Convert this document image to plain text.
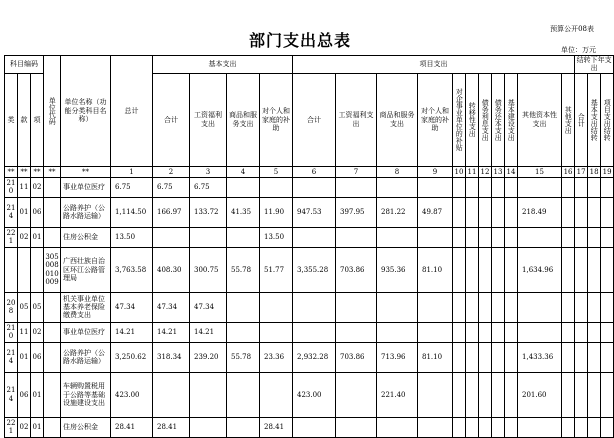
部门支出总表
预算公开08表
单位：万元
科目编码			单位代码	单位名称（功能分类科目名称）	总计	基本支出				项目支出											结转下年支出		
类	款	项				合计	工资福利支出	商品和服务支出	对个人和家庭的补助	合计	工资福利支出	商品和服务支出	对个人和家庭的补助	对企事业单位的补贴	转移性支出	债务利息支出	债务还本支出	基本建设支出	其他资本性支出	其他支出	合计	基本支出结转	项目支出结转
**	**	**	**	**	1	2	3	4	5	6	7	8	9	10	11	12	13	14	15	16	17	18	19
210	11	02		事业单位医疗	6.75	6.75	6.75																
214	01	06		公路养护（公路水路运输）	1,114.50	166.97	133.72	41.35	11.90	947.53	397.95	281.22	49.87						218.49				
221	02	01		住房公积金	13.50				13.50														
			305008010009	广西壮族自治区环江公路管理局	3,763.58	408.30	300.75	55.78	51.77	3,355.28	703.86	935.36	81.10						1,634.96				
208	05	05		机关事业单位基本养老保险缴费支出	47.34	47.34	47.34																
210	11	02		事业单位医疗	14.21	14.21	14.21																
214	01	06		公路养护（公路水路运输）	3,250.62	318.34	239.20	55.78	23.36	2,932.28	703.86	713.96	81.10						1,433.36				
214	06	01		车辆购置税用于公路等基础设施建设支出	423.00					423.00		221.40							201.60				
221	02	01		住房公积金	28.41	28.41			28.41														
